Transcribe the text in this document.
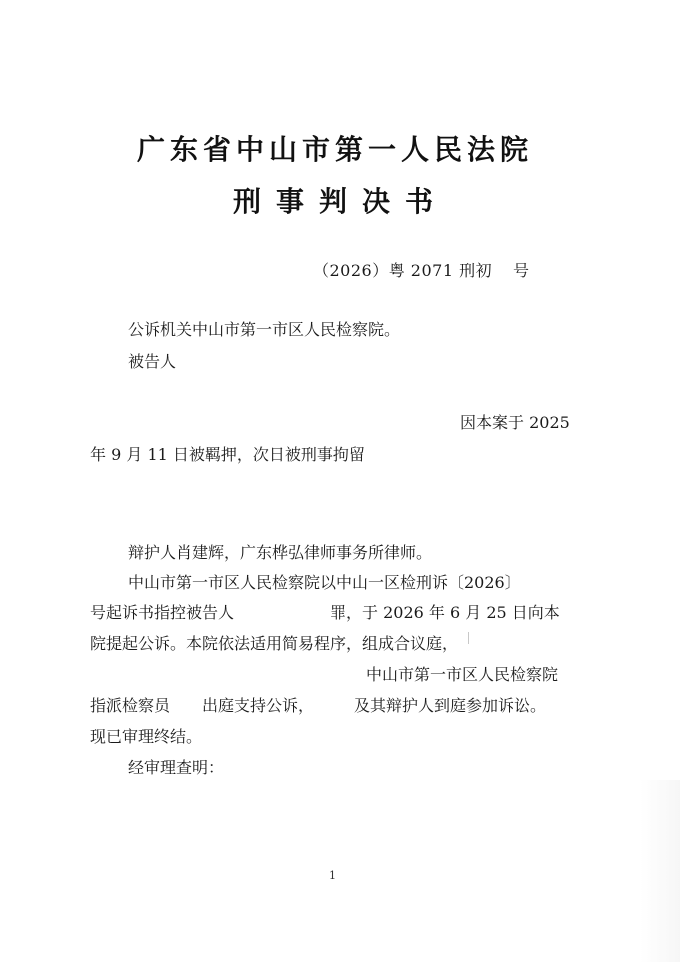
广东省中山市第一人民法院
刑事判决书
（2026）粤 2071 刑初 号
公诉机关中山市第一市区人民检察院。
被告人
因本案于 2025
年 9 月 11 日被羁押，次日被刑事拘留
辩护人肖建辉，广东桦弘律师事务所律师。
中山市第一市区人民检察院以中山一区检刑诉〔2026〕
号起诉书指控被告人　　　　　　罪，于 2026 年 6 月 25 日向本
院提起公诉。本院依法适用简易程序，组成合议庭，
中山市第一市区人民检察院
指派检察员　　出庭支持公诉，　　　及其辩护人到庭参加诉讼。
现已审理终结。
经审理查明：
1
